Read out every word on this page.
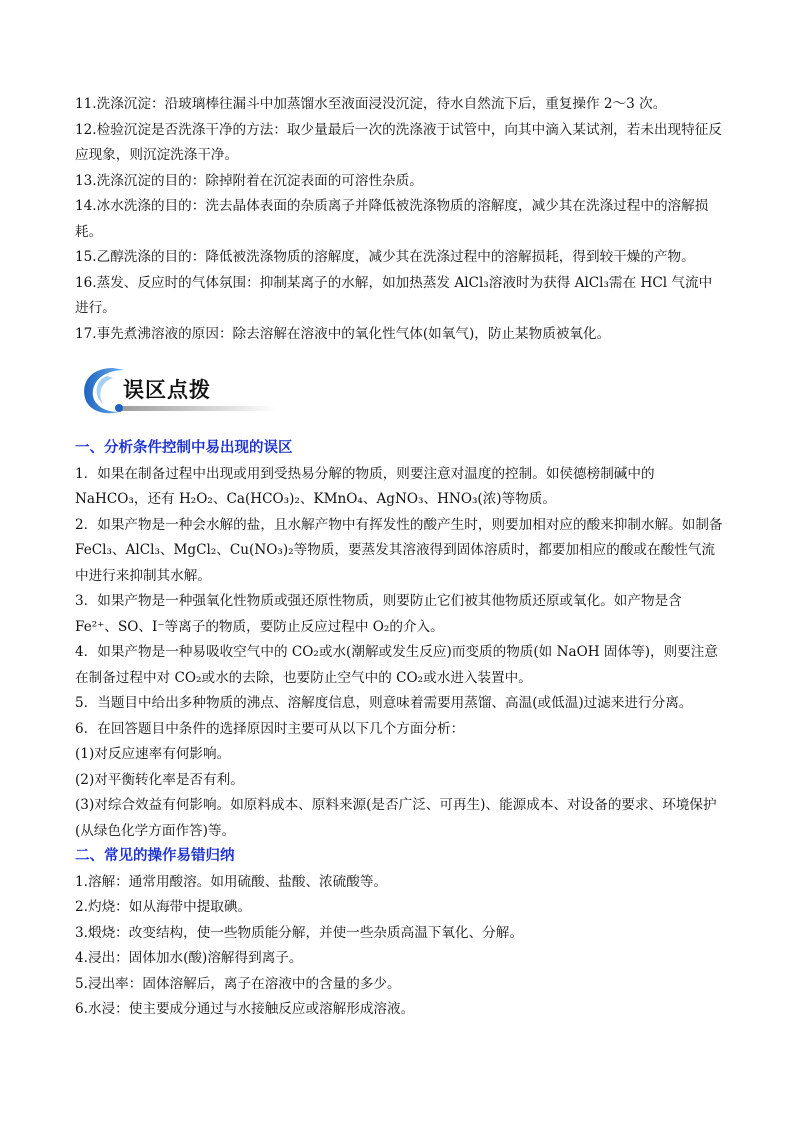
11.洗涤沉淀：沿玻璃棒往漏斗中加蒸馏水至液面浸没沉淀，待水自然流下后，重复操作 2～3 次。

12.检验沉淀是否洗涤干净的方法：取少量最后一次的洗涤液于试管中，向其中滴入某试剂，若未出现特征反应现象，则沉淀洗涤干净。

13.洗涤沉淀的目的：除掉附着在沉淀表面的可溶性杂质。

14.冰水洗涤的目的：洗去晶体表面的杂质离子并降低被洗涤物质的溶解度，减少其在洗涤过程中的溶解损耗。

15.乙醇洗涤的目的：降低被洗涤物质的溶解度，减少其在洗涤过程中的溶解损耗，得到较干燥的产物。

16.蒸发、反应时的气体氛围：抑制某离子的水解，如加热蒸发 AlCl₃溶液时为获得 AlCl₃需在 HCl 气流中进行。

17.事先煮沸溶液的原因：除去溶解在溶液中的氧化性气体(如氧气)，防止某物质被氧化。

误区点拨

一、分析条件控制中易出现的误区

1．如果在制备过程中出现或用到受热易分解的物质，则要注意对温度的控制。如侯德榜制碱中的 NaHCO₃，还有 H₂O₂、Ca(HCO₃)₂、KMnO₄、AgNO₃、HNO₃(浓)等物质。

2．如果产物是一种会水解的盐，且水解产物中有挥发性的酸产生时，则要加相对应的酸来抑制水解。如制备 FeCl₃、AlCl₃、MgCl₂、Cu(NO₃)₂等物质，要蒸发其溶液得到固体溶质时，都要加相应的酸或在酸性气流中进行来抑制其水解。

3．如果产物是一种强氧化性物质或强还原性物质，则要防止它们被其他物质还原或氧化。如产物是含 Fe²⁺、SO、I⁻等离子的物质，要防止反应过程中 O₂的介入。

4．如果产物是一种易吸收空气中的 CO₂或水(潮解或发生反应)而变质的物质(如 NaOH 固体等)，则要注意在制备过程中对 CO₂或水的去除，也要防止空气中的 CO₂或水进入装置中。

5．当题目中给出多种物质的沸点、溶解度信息，则意味着需要用蒸馏、高温(或低温)过滤来进行分离。

6．在回答题目中条件的选择原因时主要可从以下几个方面分析：

(1)对反应速率有何影响。

(2)对平衡转化率是否有利。

(3)对综合效益有何影响。如原料成本、原料来源(是否广泛、可再生)、能源成本、对设备的要求、环境保护(从绿色化学方面作答)等。

二、常见的操作易错归纳

1.溶解：通常用酸溶。如用硫酸、盐酸、浓硫酸等。

2.灼烧：如从海带中提取碘。

3.煅烧：改变结构，使一些物质能分解，并使一些杂质高温下氧化、分解。

4.浸出：固体加水(酸)溶解得到离子。

5.浸出率：固体溶解后，离子在溶液中的含量的多少。

6.水浸：使主要成分通过与水接触反应或溶解形成溶液。
